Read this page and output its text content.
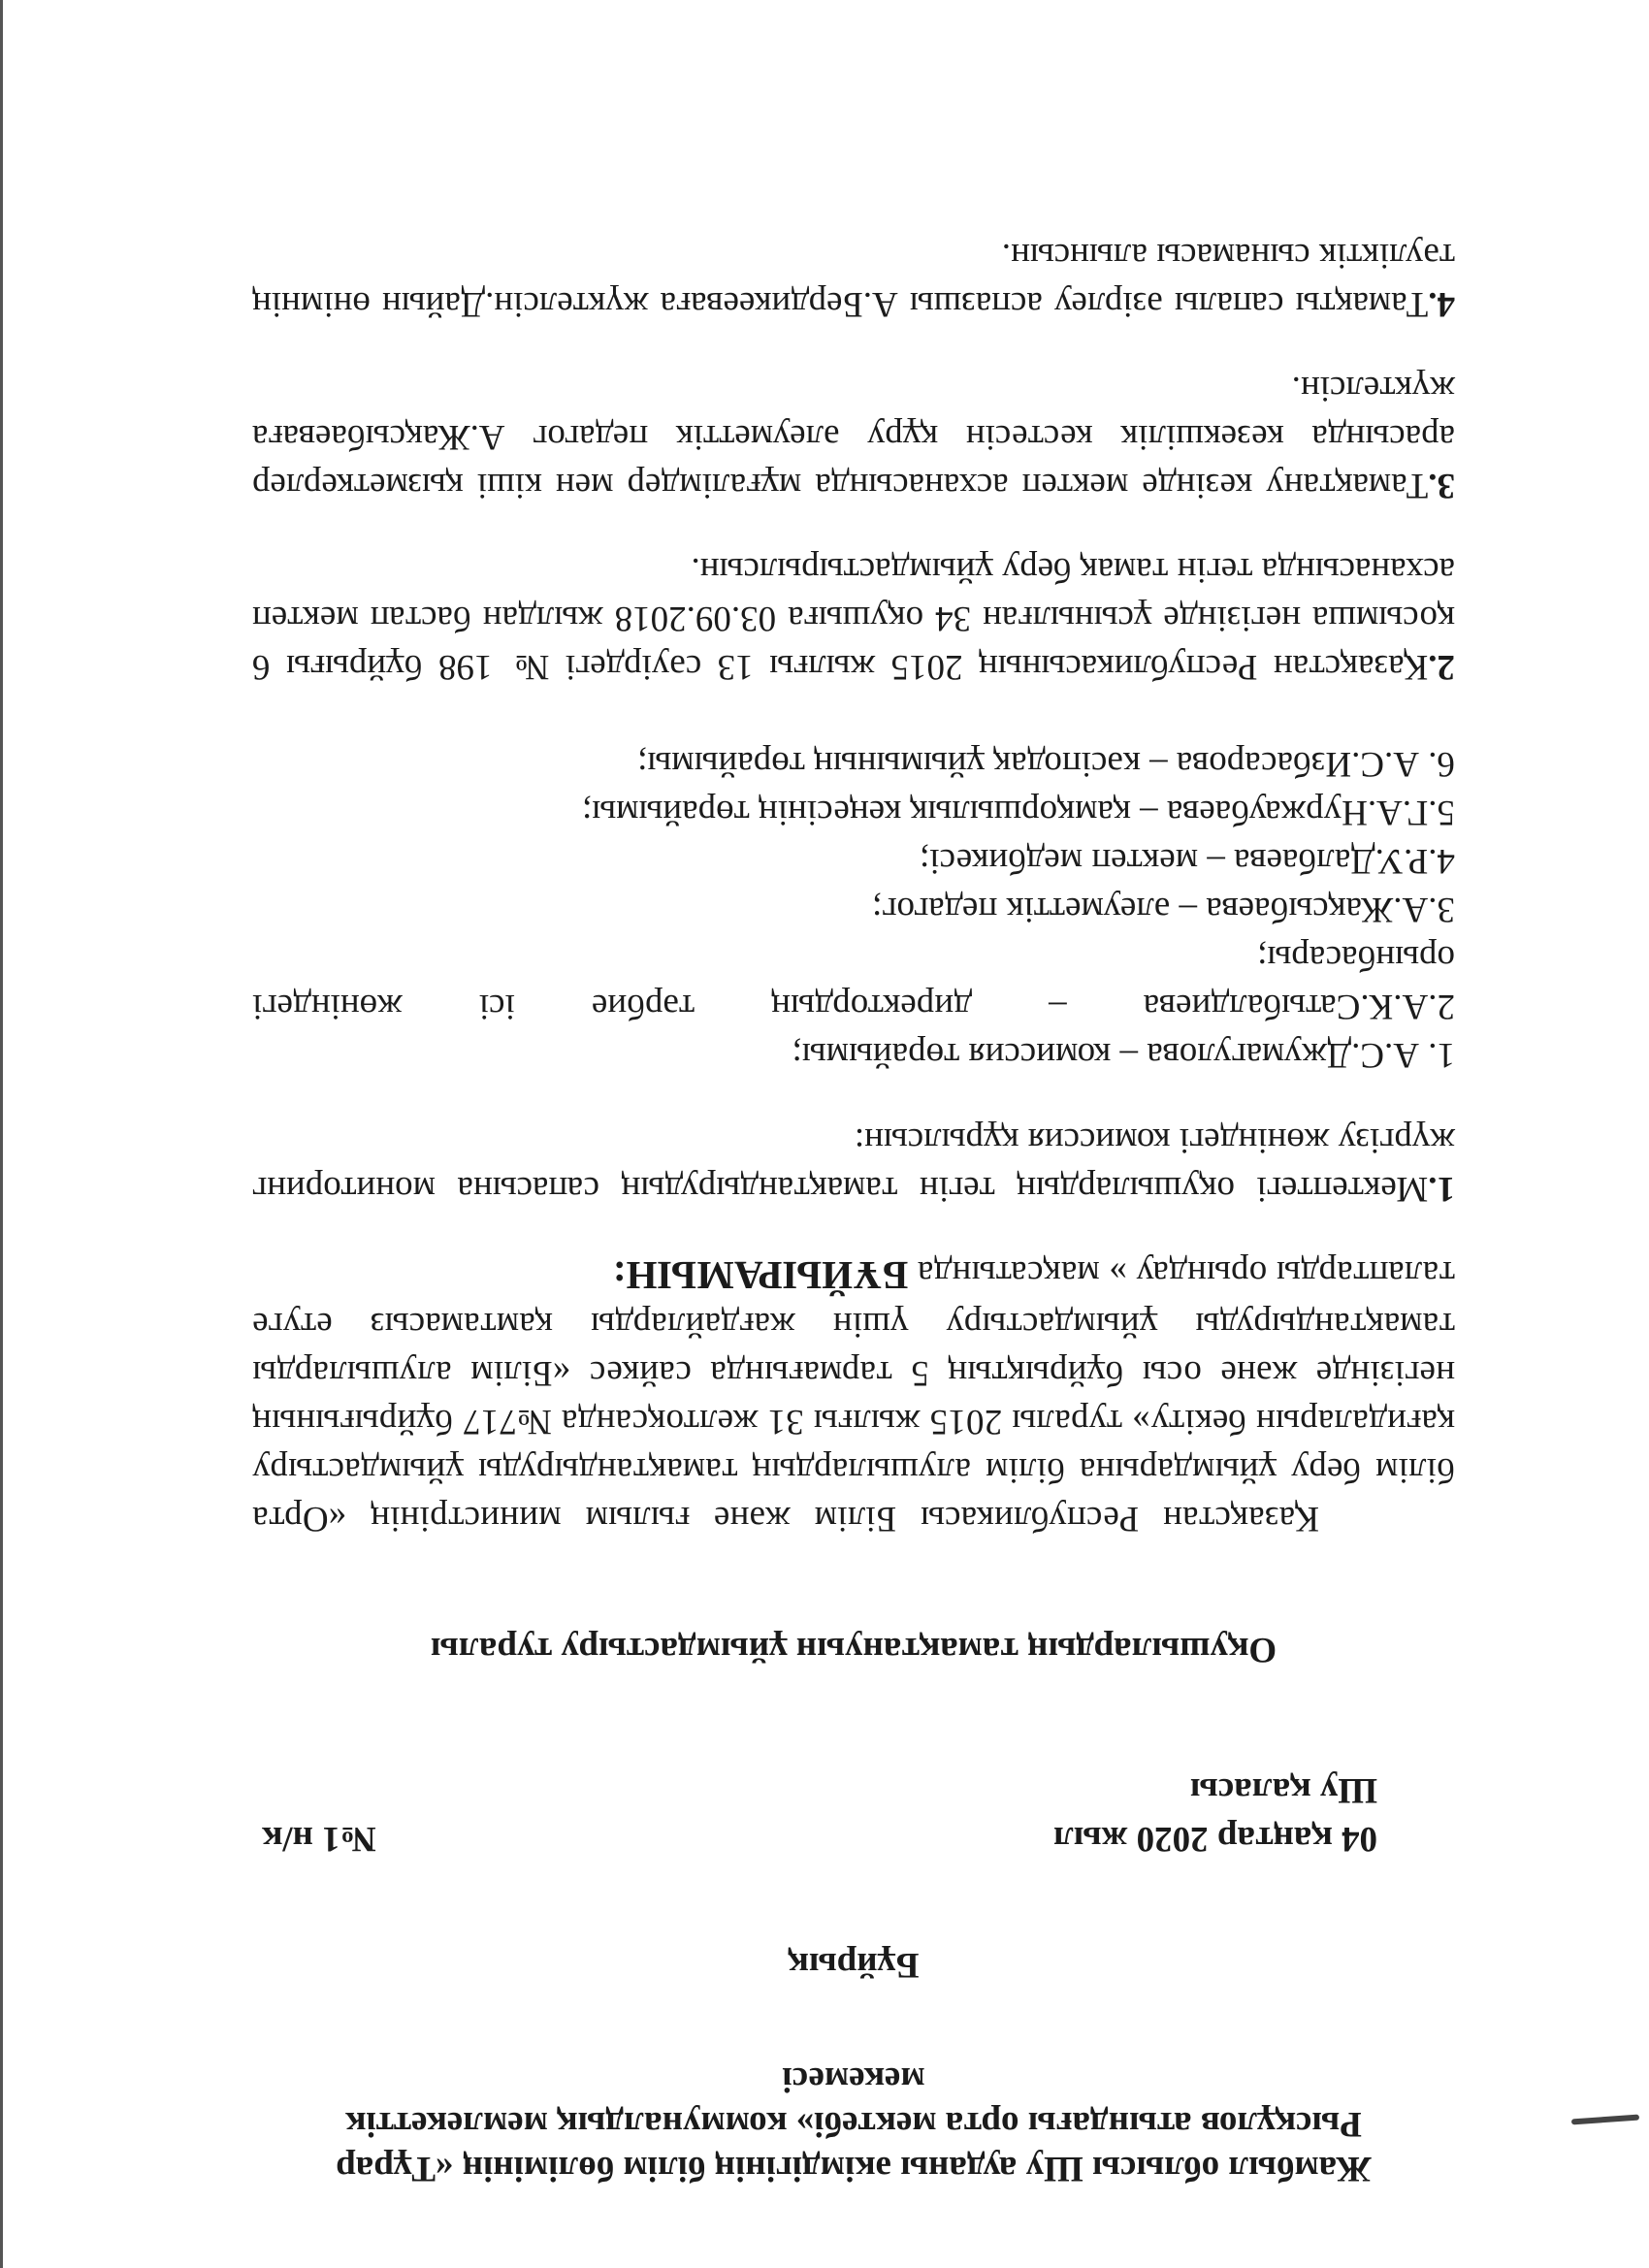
Жамбыл облысы Шу ауданы әкімдігінің білім бөлімінің «Тұрар

Рысқұлов атындағы орта мектебі» коммуналдық мемлекеттік

мекемесі

Бұйрық

04 қаңтар 2020 жыл
№1 н/к

Шу қаласы

Оқушылардың тамақтануын ұйымдастыру туралы

Қазақстан Республикасы Білім және ғылым министрінің «Орта білім беру ұйымдарына білім алушылардың тамақтандыруды ұйымдастыру қағидаларын бекіту» туралы 2015 жылғы 31 желтоқсанда №717 бұйрығының негізінде және осы бұйрықтың 5 тармағында сайкес «Білім алушыларды тамақтандыруды ұйымдастыру үшін жағдайларды қамтамасыз етуге талаптарды орындау » мақсатында БҰЙЫРАМЫН:

1.Мектептегі оқушылардың тегін тамақтандырудың сапасына мониторинг жүргізу жөніндегі комиссия құрылсын:

1. А.С.Джумагулова – комиссия төрайымы;
2.А.К.Сатыбалдиева
–
директордың
тәрбие
ісі
жөніндегі
орынбасары;
3.А.Жақсыбаева – әлеуметтік педагог;
4.Р.У.Далбаева – мектеп медбикесі;
5.Г.А.Нуржаубаева – қамқоршылық кеңесінің төрайымы;
6. А.С.Избасарова – кәсіподақ ұйымының төрайымы;

2.Қазақстан Республикасының 2015 жылғы 13 сәуірдегі № 198 бұйрығы 6 қосымша негізінде ұсынылған 34 оқушыға 03.09.2018 жылдан бастап мектеп асханасында тегін тамақ беру ұйымдастырылсын.

3.Тамақтану кезінде мектеп асханасында мұғалімдер мен кіші қызметкерлер арасында кезекшілік кестесін құру әлеуметтік педагог А.Жақсыбаеваға жүктелсін.

4.Тамақты сапалы әзірлеу аспазшы А.Бердикееваға жүктелсін.Дайын өнімнің тәуліктік сынамасы алынсын.
